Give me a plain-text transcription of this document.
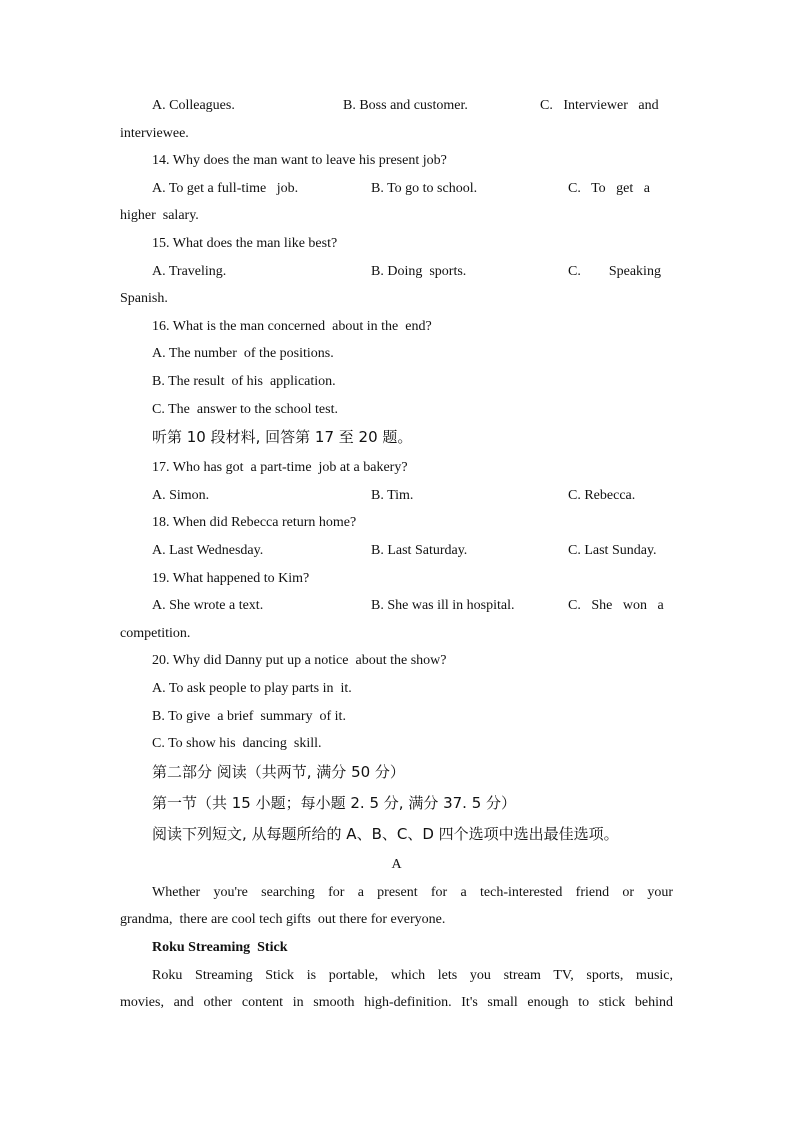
A. Colleagues.	B. Boss and customer.	C.   Interviewer   and
interviewee.
14. Why does the man want to leave his present job?
A. To get a full-time   job.	B. To go to school.	C.   To   get   a
higher  salary.
15. What does the man like best?
A. Traveling.	B. Doing  sports.	C.        Speaking
Spanish.
16. What is the man concerned  about in the  end?
A. The number  of the positions.
B. The result  of his  application.
C. The  answer to the school test.
听第 10 段材料, 回答第 17 至 20 题。
17. Who has got  a part-time  job at a bakery?
A. Simon.	B. Tim.	C. Rebecca.
18. When did Rebecca return home?
A. Last Wednesday.	B. Last Saturday.	C. Last Sunday.
19. What happened to Kim?
A. She wrote a text.	B. She was ill in hospital.	C.   She   won   a
competition.
20. Why did Danny put up a notice  about the show?
A. To ask people to play parts in  it.
B. To give  a brief  summary  of it.
C. To show his  dancing  skill.
第二部分 阅读（共两节, 满分 50 分）
第一节（共 15 小题；每小题 2. 5 分, 满分 37. 5 分）
阅读下列短文, 从每题所给的 A、B、C、D 四个选项中选出最佳选项。
A
Whether you're searching for a present for a tech-interested friend or your
grandma,  there are cool tech gifts  out there for everyone.
Roku Streaming  Stick
Roku Streaming Stick is portable, which lets you stream TV, sports, music,
movies, and other content in smooth high-definition. It's small enough to stick behind
